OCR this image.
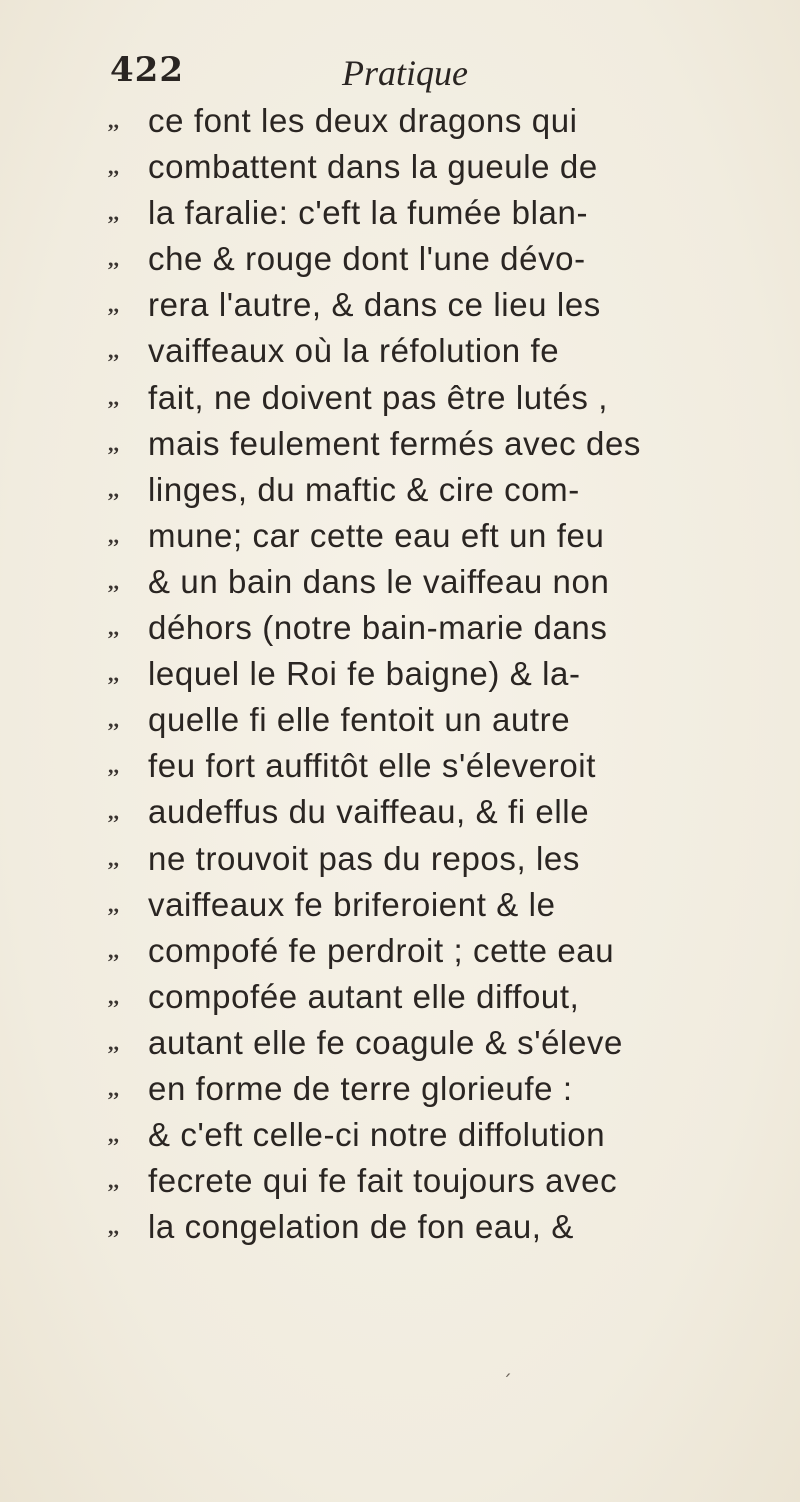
422	Pratique
,, ce font les deux dragons qui
,, combattent dans la gueule de
,, la faralie: c'eft la fumée blan-
,, che & rouge dont l'une dévo-
,, rera l'autre, & dans ce lieu les
,, vaiffeaux où la réfolution fe
,, fait, ne doivent pas être lutés ,
,, mais feulement fermés avec des
,, linges, du maftic & cire com-
,, mune; car cette eau eft un feu
,, & un bain dans le vaiffeau non
,, déhors (notre bain-marie dans
,, lequel le Roi fe baigne) & la-
,, quelle fi elle fentoit un autre
,, feu fort auffitôt elle s'éleveroit
,, audeffus du vaiffeau, & fi elle
,, ne trouvoit pas du repos, les
,, vaiffeaux fe briferoient & le
,, compofé fe perdroit ; cette eau
,, compofée autant elle diffout,
,, autant elle fe coagule & s'éleve
,, en forme de terre glorieufe :
,, & c'eft celle-ci notre diffolution
,, fecrete qui fe fait toujours avec
,, la congelation de fon eau, &
´
